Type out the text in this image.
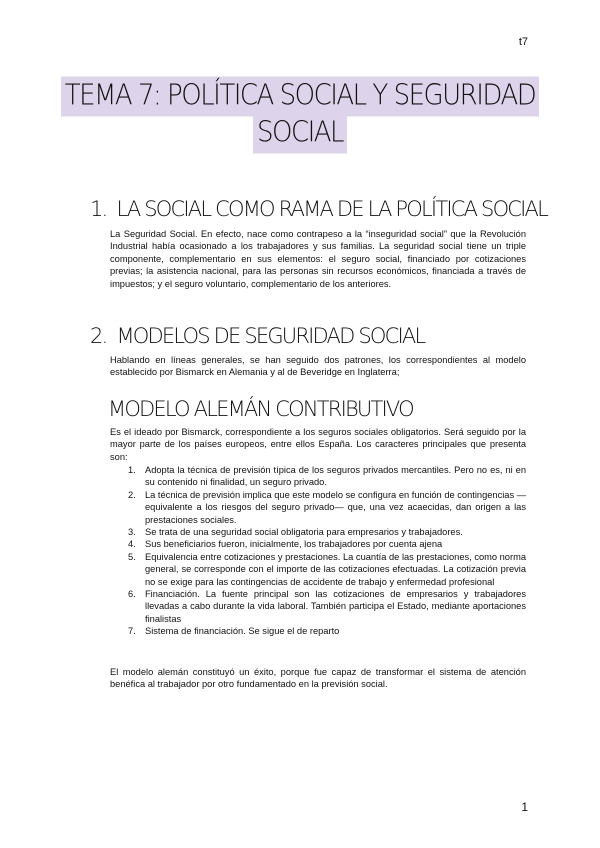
t7
TEMA 7: POLÍTICA SOCIAL Y SEGURIDAD
SOCIAL
1. LA SOCIAL COMO RAMA DE LA POLÍTICA SOCIAL
La Seguridad Social. En efecto, nace como contrapeso a la “inseguridad social” que la Revolución Industrial había ocasionado a los trabajadores y sus familias. La seguridad social tiene un triple componente, complementario en sus elementos: el seguro social, financiado por cotizaciones previas; la asistencia nacional, para las personas sin recursos económicos, financiada a través de impuestos; y el seguro voluntario, complementario de los anteriores.
2. MODELOS DE SEGURIDAD SOCIAL
Hablando en líneas generales, se han seguido dos patrones, los correspondientes al modelo establecido por Bismarck en Alemania y al de Beveridge en Inglaterra;
MODELO ALEMÁN CONTRIBUTIVO
Es el ideado por Bismarck, correspondiente a los seguros sociales obligatorios. Será seguido por la mayor parte de los países europeos, entre ellos España. Los caracteres principales que presenta son:
1. Adopta la técnica de previsión típica de los seguros privados mercantiles. Pero no es, ni en su contenido ni finalidad, un seguro privado.
2. La técnica de previsión implica que este modelo se configura en función de contingencias —equivalente a los riesgos del seguro privado— que, una vez acaecidas, dan origen a las prestaciones sociales.
3. Se trata de una seguridad social obligatoria para empresarios y trabajadores.
4. Sus beneficiarios fueron, inicialmente, los trabajadores por cuenta ajena
5. Equivalencia entre cotizaciones y prestaciones. La cuantía de las prestaciones, como norma general, se corresponde con el importe de las cotizaciones efectuadas. La cotización previa no se exige para las contingencias de accidente de trabajo y enfermedad profesional
6. Financiación. La fuente principal son las cotizaciones de empresarios y trabajadores llevadas a cabo durante la vida laboral. También participa el Estado, mediante aportaciones finalistas
7. Sistema de financiación. Se sigue el de reparto
El modelo alemán constituyó un éxito, porque fue capaz de transformar el sistema de atención benéfica al trabajador por otro fundamentado en la previsión social.
1
